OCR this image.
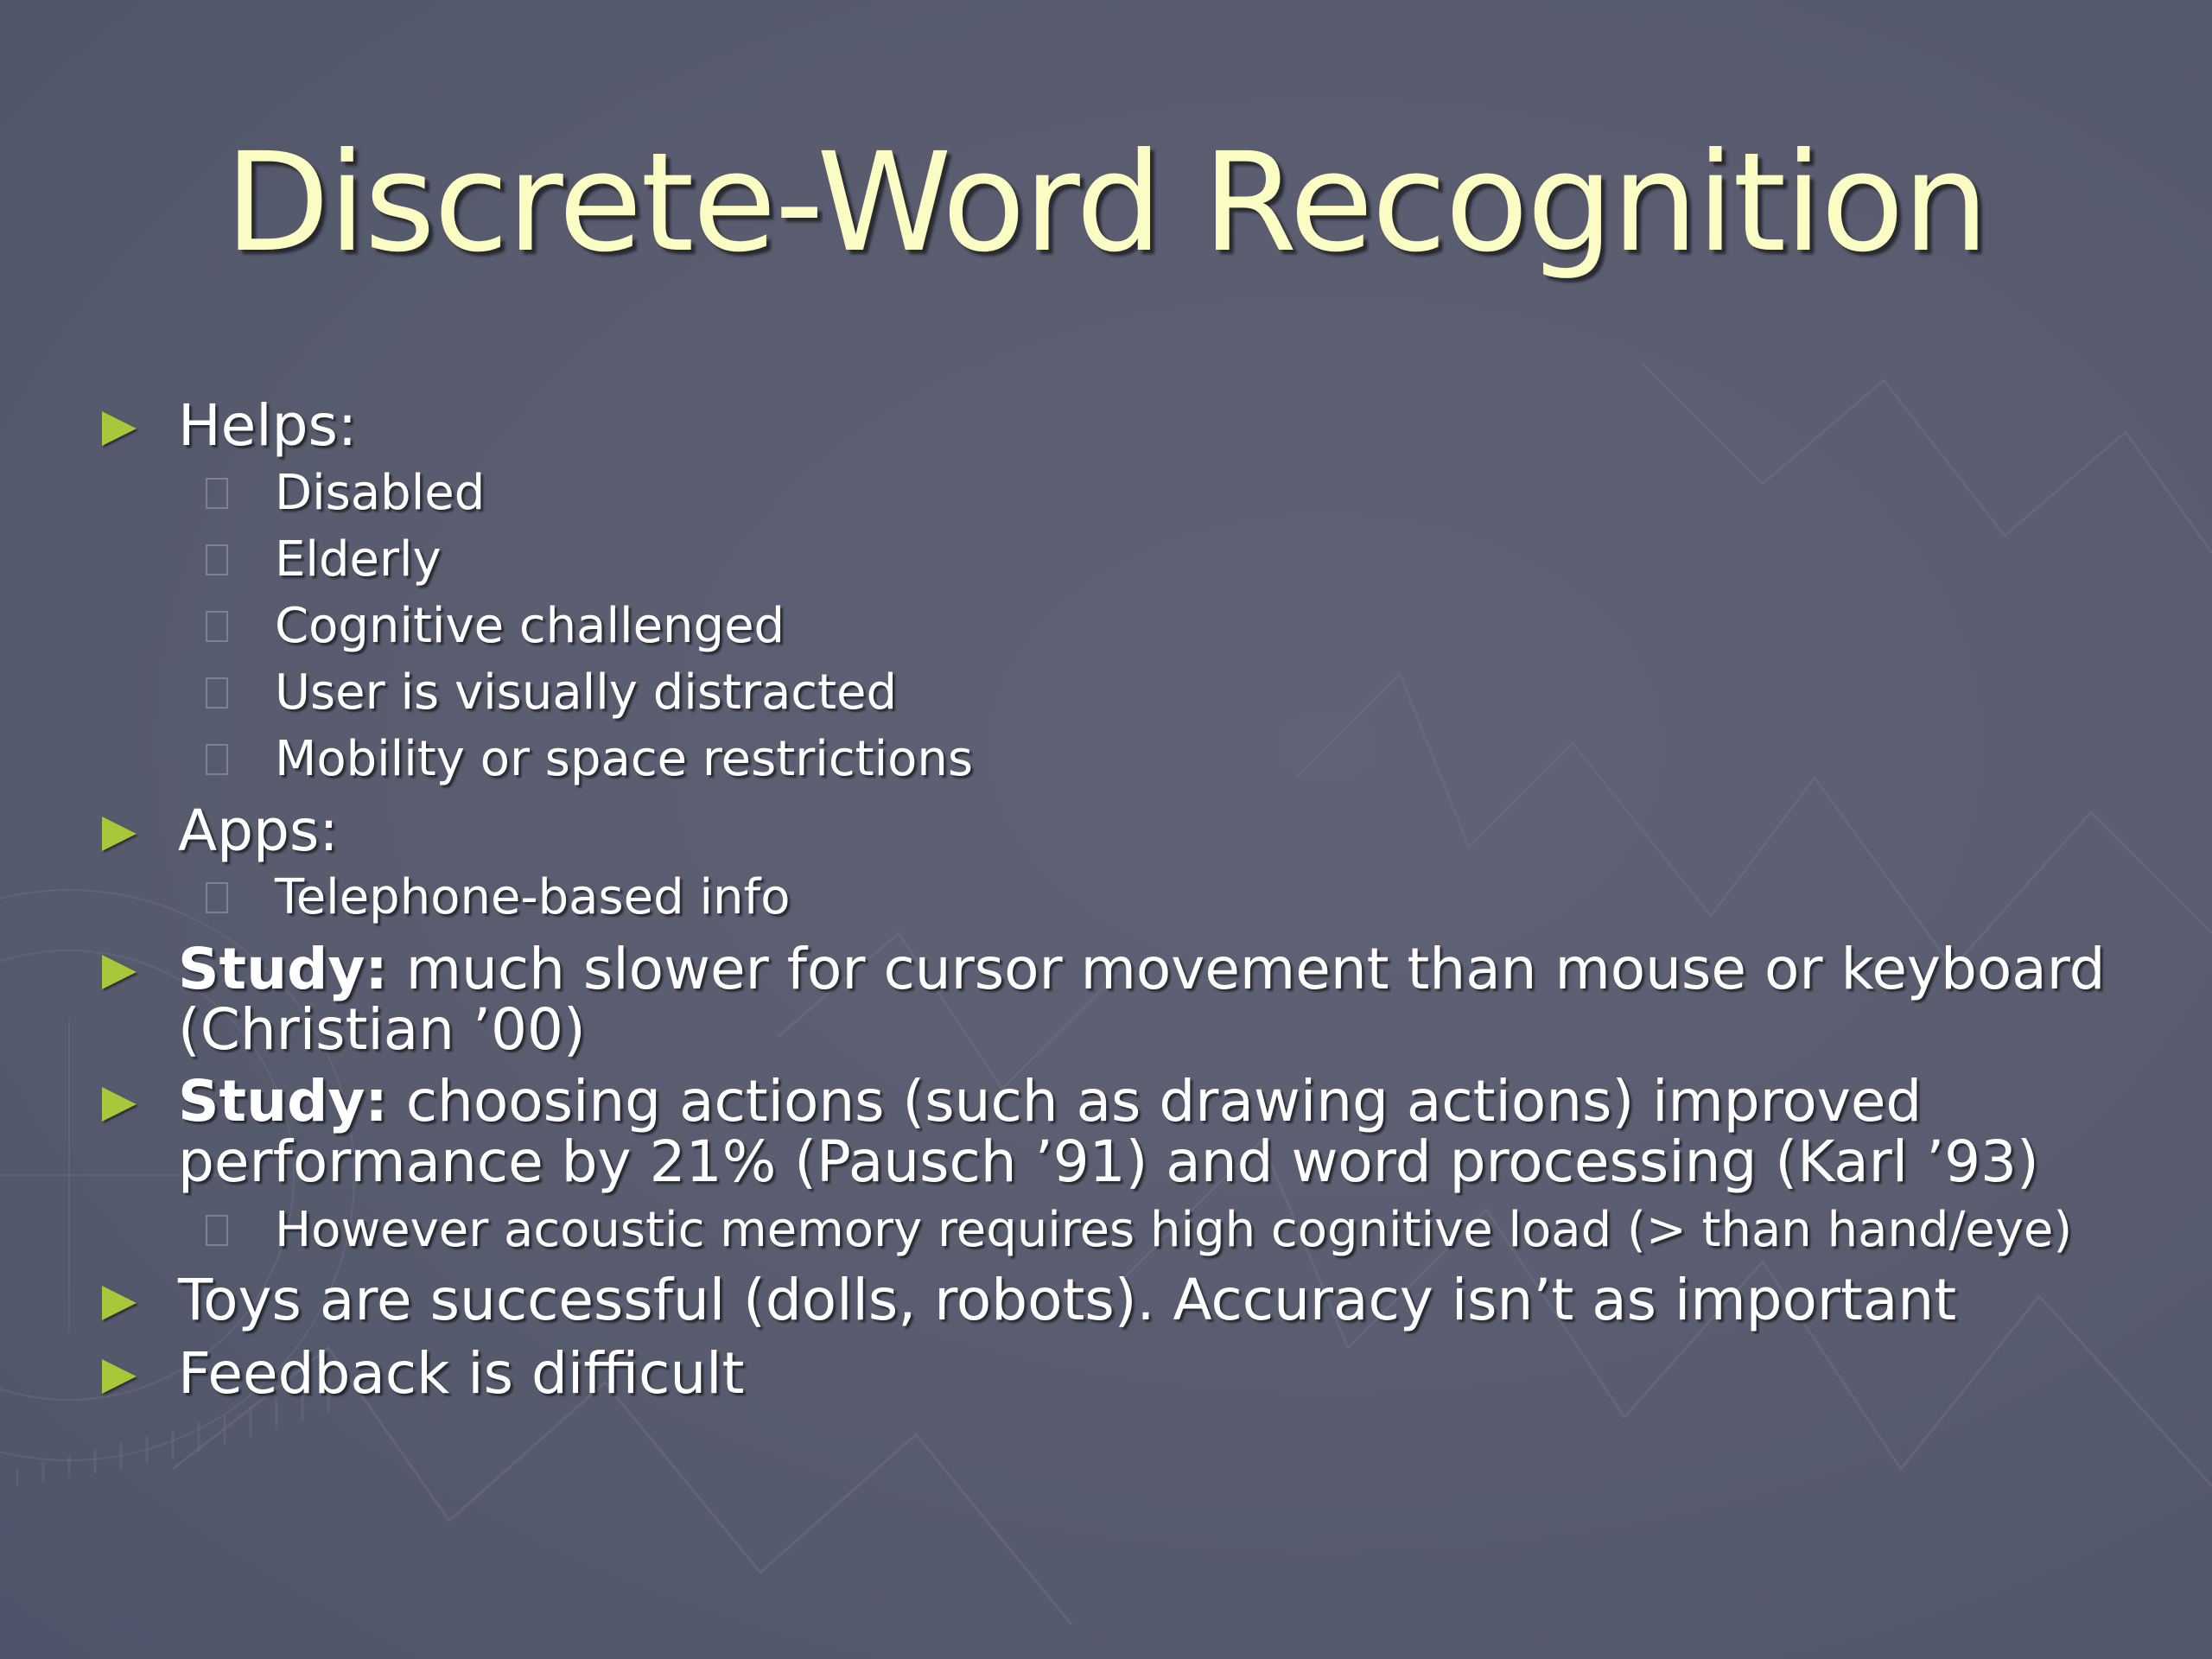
Discrete-Word Recognition
Helps:
Disabled
Elderly
Cognitive challenged
User is visually distracted
Mobility or space restrictions
Apps:
Telephone-based info
Study: much slower for cursor movement than mouse or keyboard
(Christian ’00)
Study: choosing actions (such as drawing actions) improved
performance by 21% (Pausch ’91) and word processing (Karl ’93)
However acoustic memory requires high cognitive load (> than hand/eye)
Toys are successful (dolls, robots). Accuracy isn’t as important
Feedback is difficult
